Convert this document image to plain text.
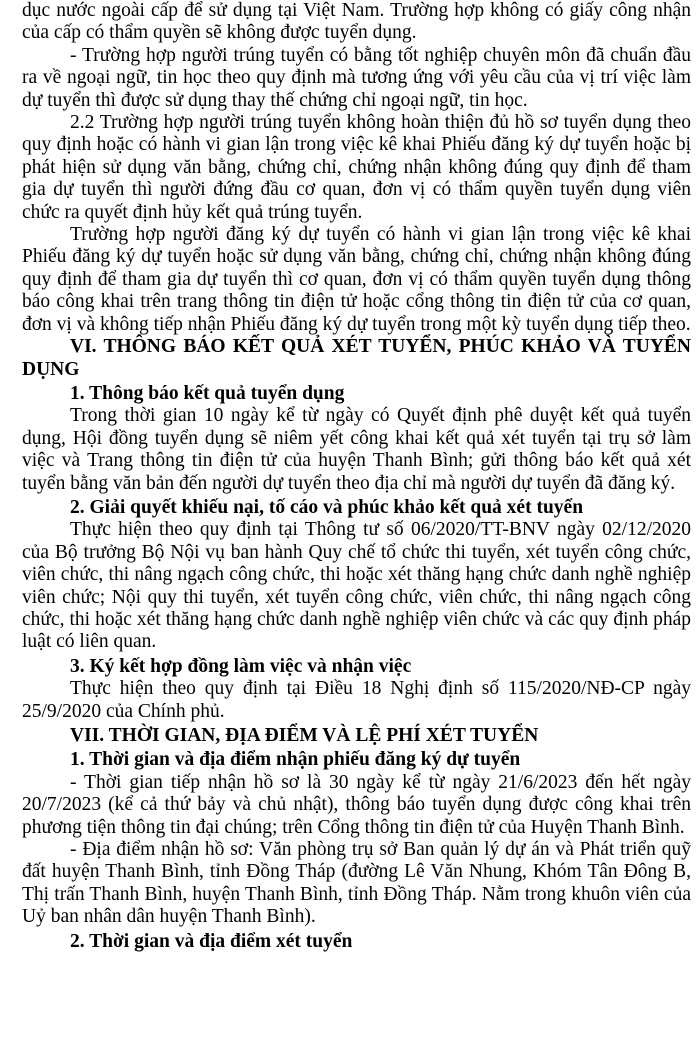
dục nước ngoài cấp để sử dụng tại Việt Nam. Trường hợp không có giấy công nhận của cấp có thẩm quyền sẽ không được tuyển dụng.

- Trường hợp người trúng tuyển có bằng tốt nghiệp chuyên môn đã chuẩn đầu ra về ngoại ngữ, tin học theo quy định mà tương ứng với yêu cầu của vị trí việc làm dự tuyển thì được sử dụng thay thế chứng chỉ ngoại ngữ, tin học.

2.2 Trường hợp người trúng tuyển không hoàn thiện đủ hồ sơ tuyển dụng theo quy định hoặc có hành vi gian lận trong việc kê khai Phiếu đăng ký dự tuyển hoặc bị phát hiện sử dụng văn bằng, chứng chỉ, chứng nhận không đúng quy định để tham gia dự tuyển thì người đứng đầu cơ quan, đơn vị có thẩm quyền tuyển dụng viên chức ra quyết định hủy kết quả trúng tuyển.

Trường hợp người đăng ký dự tuyển có hành vi gian lận trong việc kê khai Phiếu đăng ký dự tuyển hoặc sử dụng văn bằng, chứng chỉ, chứng nhận không đúng quy định để tham gia dự tuyển thì cơ quan, đơn vị có thẩm quyền tuyển dụng thông báo công khai trên trang thông tin điện tử hoặc cổng thông tin điện tử của cơ quan, đơn vị và không tiếp nhận Phiếu đăng ký dự tuyển trong một kỳ tuyển dụng tiếp theo.

VI. THÔNG BÁO KẾT QUẢ XÉT TUYỂN, PHÚC KHẢO VÀ TUYỂN DỤNG

1. Thông báo kết quả tuyển dụng

Trong thời gian 10 ngày kể từ ngày có Quyết định phê duyệt kết quả tuyển dụng, Hội đồng tuyển dụng sẽ niêm yết công khai kết quả xét tuyển tại trụ sở làm việc và Trang thông tin điện tử của huyện Thanh Bình; gửi thông báo kết quả xét tuyển bằng văn bản đến người dự tuyển theo địa chỉ mà người dự tuyển đã đăng ký.

2. Giải quyết khiếu nại, tố cáo và phúc khảo kết quả xét tuyển

Thực hiện theo quy định tại Thông tư số 06/2020/TT-BNV ngày 02/12/2020 của Bộ trưởng Bộ Nội vụ ban hành Quy chế tổ chức thi tuyển, xét tuyển công chức, viên chức, thi nâng ngạch công chức, thi hoặc xét thăng hạng chức danh nghề nghiệp viên chức; Nội quy thi tuyển, xét tuyển công chức, viên chức, thi nâng ngạch công chức, thi hoặc xét thăng hạng chức danh nghề nghiệp viên chức và các quy định pháp luật có liên quan.

3. Ký kết hợp đồng làm việc và nhận việc

Thực hiện theo quy định tại Điều 18 Nghị định số 115/2020/NĐ-CP ngày 25/9/2020 của Chính phủ.

VII. THỜI GIAN, ĐỊA ĐIỂM VÀ LỆ PHÍ XÉT TUYỂN

1. Thời gian và địa điểm nhận phiếu đăng ký dự tuyển

- Thời gian tiếp nhận hồ sơ là 30 ngày kể từ ngày 21/6/2023 đến hết ngày 20/7/2023 (kể cả thứ bảy và chủ nhật), thông báo tuyển dụng được công khai trên phương tiện thông tin đại chúng; trên Cổng thông tin điện tử của Huyện Thanh Bình.

- Địa điểm nhận hồ sơ: Văn phòng trụ sở Ban quản lý dự án và Phát triển quỹ đất huyện Thanh Bình, tỉnh Đồng Tháp (đường Lê Văn Nhung, Khóm Tân Đông B, Thị trấn Thanh Bình, huyện Thanh Bình, tỉnh Đồng Tháp. Nằm trong khuôn viên của Uỷ ban nhân dân huyện Thanh Bình).

2. Thời gian và địa điểm xét tuyển
